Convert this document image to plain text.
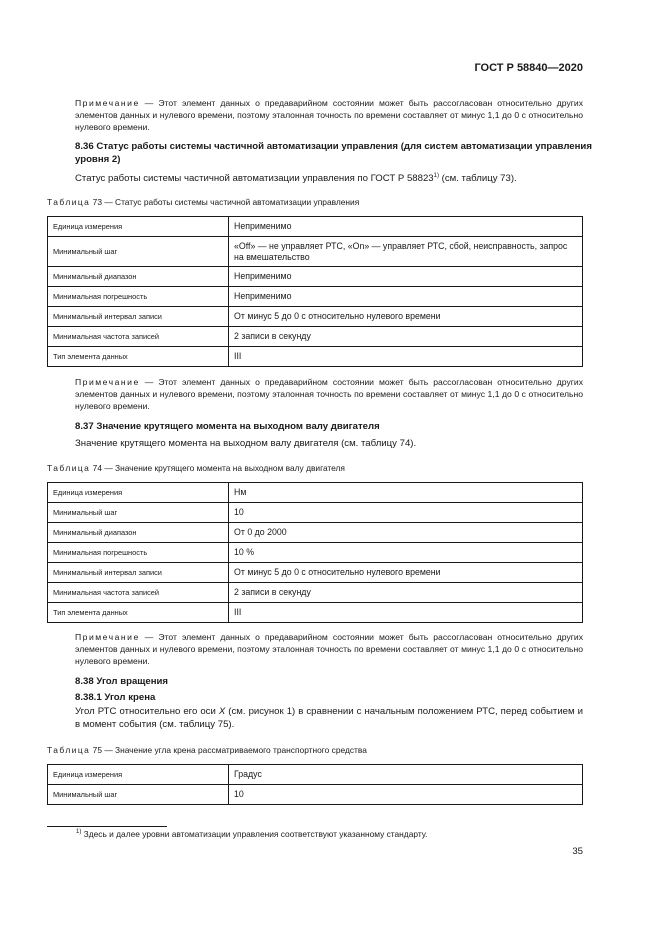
ГОСТ Р 58840—2020
Примечание — Этот элемент данных о предаварийном состоянии может быть рассогласован относительно других элементов данных и нулевого времени, поэтому эталонная точность по времени составляет от минус 1,1 до 0 с относительно нулевого времени.
8.36 Статус работы системы частичной автоматизации управления (для систем автоматизации управления уровня 2)
Статус работы системы частичной автоматизации управления по ГОСТ Р 58823$^{1)}$ (см. таблицу 73).
Таблица 73 — Статус работы системы частичной автоматизации управления
Единица измерения	Неприменимо
Минимальный шаг	«Off» — не управляет РТС, «On» — управляет РТС, сбой, неисправность, запрос на вмешательство
Минимальный диапазон	Неприменимо
Минимальная погрешность	Неприменимо
Минимальный интервал записи	От минус 5 до 0 с относительно нулевого времени
Минимальная частота записей	2 записи в секунду
Тип элемента данных	III
Примечание — Этот элемент данных о предаварийном состоянии может быть рассогласован относительно других элементов данных и нулевого времени, поэтому эталонная точность по времени составляет от минус 1,1 до 0 с относительно нулевого времени.
8.37 Значение крутящего момента на выходном валу двигателя
Значение крутящего момента на выходном валу двигателя (см. таблицу 74).
Таблица 74 — Значение крутящего момента на выходном валу двигателя
Единица измерения	Нм
Минимальный шаг	10
Минимальный диапазон	От 0 до 2000
Минимальная погрешность	10 %
Минимальный интервал записи	От минус 5 до 0 с относительно нулевого времени
Минимальная частота записей	2 записи в секунду
Тип элемента данных	III
Примечание — Этот элемент данных о предаварийном состоянии может быть рассогласован относительно других элементов данных и нулевого времени, поэтому эталонная точность по времени составляет от минус 1,1 до 0 с относительно нулевого времени.
8.38 Угол вращения
8.38.1 Угол крена
Угол РТС относительно его оси X (см. рисунок 1) в сравнении с начальным положением РТС, перед событием и в момент события (см. таблицу 75).
Таблица 75 — Значение угла крена рассматриваемого транспортного средства
Единица измерения	Градус
Минимальный шаг	10
$^{1)}$ Здесь и далее уровни автоматизации управления соответствуют указанному стандарту.
35
